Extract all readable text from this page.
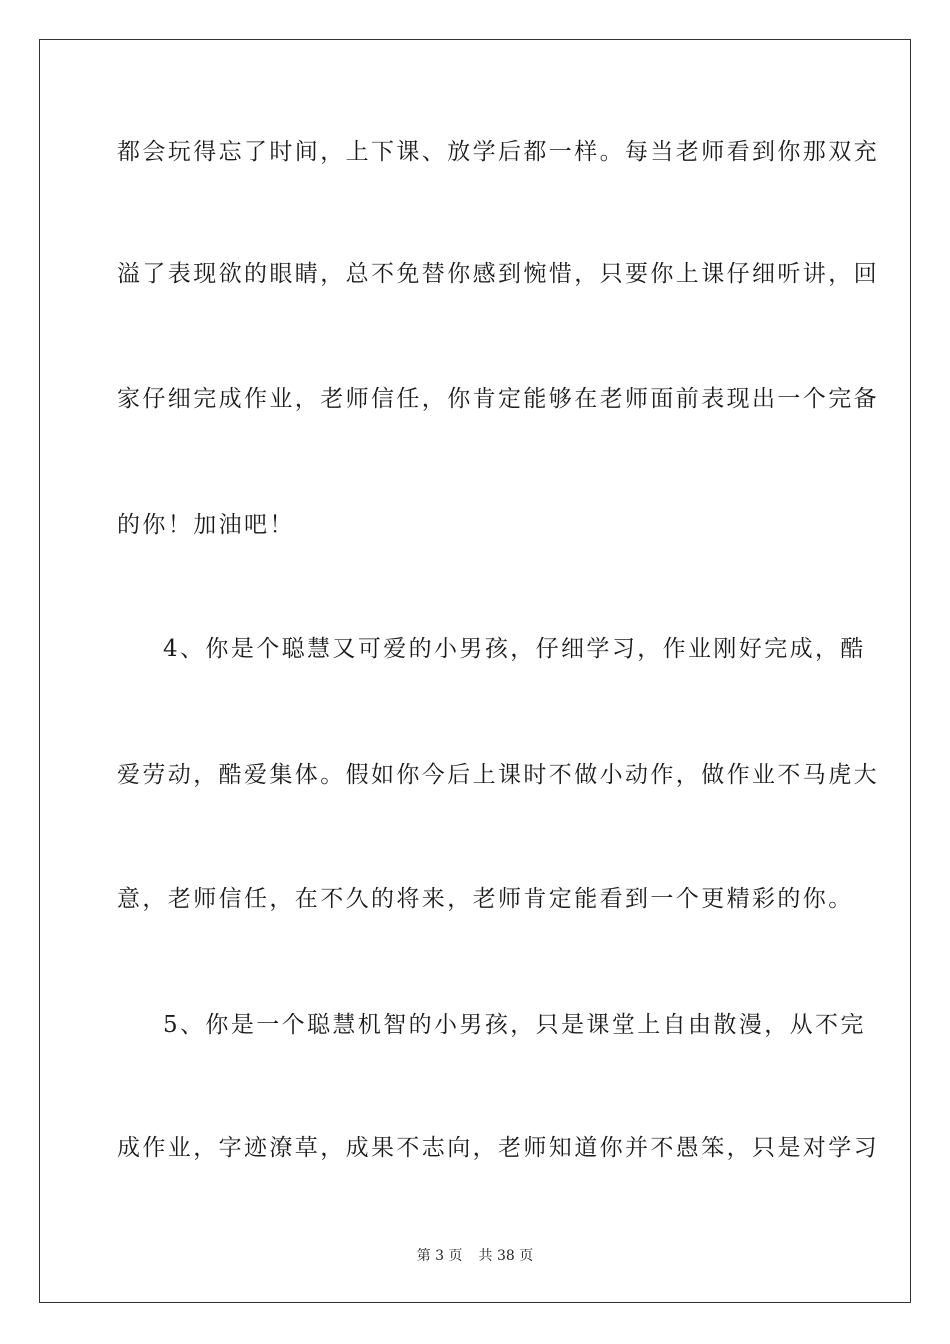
都会玩得忘了时间，上下课、放学后都一样。每当老师看到你那双充
溢了表现欲的眼睛，总不免替你感到惋惜，只要你上课仔细听讲，回
家仔细完成作业，老师信任，你肯定能够在老师面前表现出一个完备
的你！加油吧！
4、你是个聪慧又可爱的小男孩，仔细学习，作业刚好完成，酷
爱劳动，酷爱集体。假如你今后上课时不做小动作，做作业不马虎大
意，老师信任，在不久的将来，老师肯定能看到一个更精彩的你。
5、你是一个聪慧机智的小男孩，只是课堂上自由散漫，从不完
成作业，字迹潦草，成果不志向，老师知道你并不愚笨，只是对学习
第 3 页 共 38 页
